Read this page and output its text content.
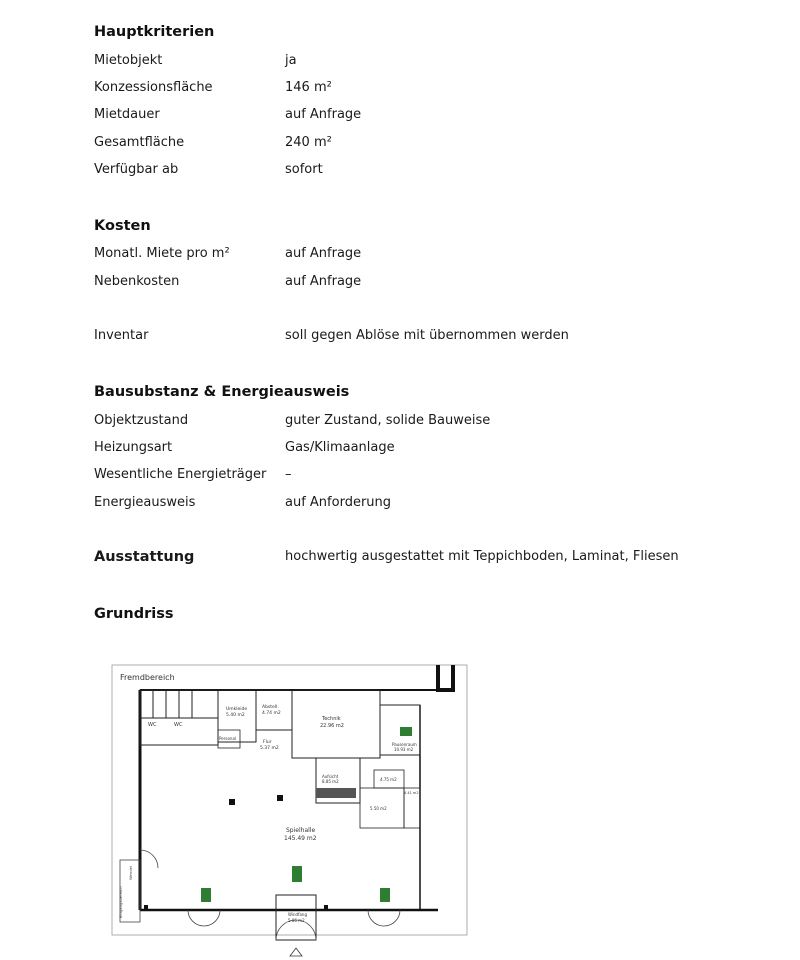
Hauptkriterien
Mietobjekt	ja
Konzessionsfläche	146 m²
Mietdauer	auf Anfrage
Gesamtfläche	240 m²
Verfügbar ab	sofort
Kosten
Monatl. Miete pro m²	auf Anfrage
Nebenkosten	auf Anfrage
Inventar	soll gegen Ablöse mit übernommen werden
Bausubstanz & Energieausweis
Objektzustand	guter Zustand, solide Bauweise
Heizungsart	Gas/Klimaanlage
Wesentliche Energieträger –
Energieausweis	auf Anforderung
Ausstattung	hochwertig ausgestattet mit Teppichboden, Laminat, Fliesen
Grundriss
Fremdbereich
WC	WC
Umkleide
5.40 m2
Abstell.
4.74 m2
Technik
22.96 m2
Flur
5.37 m2
Personal
Pausenraum
10.93 m2
Aufsicht
8.85 m2	4.75 m2
4.41 m2
5.50 m2
Spielhalle
145.49 m2
Eingangsbereich
Wendel
Windfang
5.86 m2
